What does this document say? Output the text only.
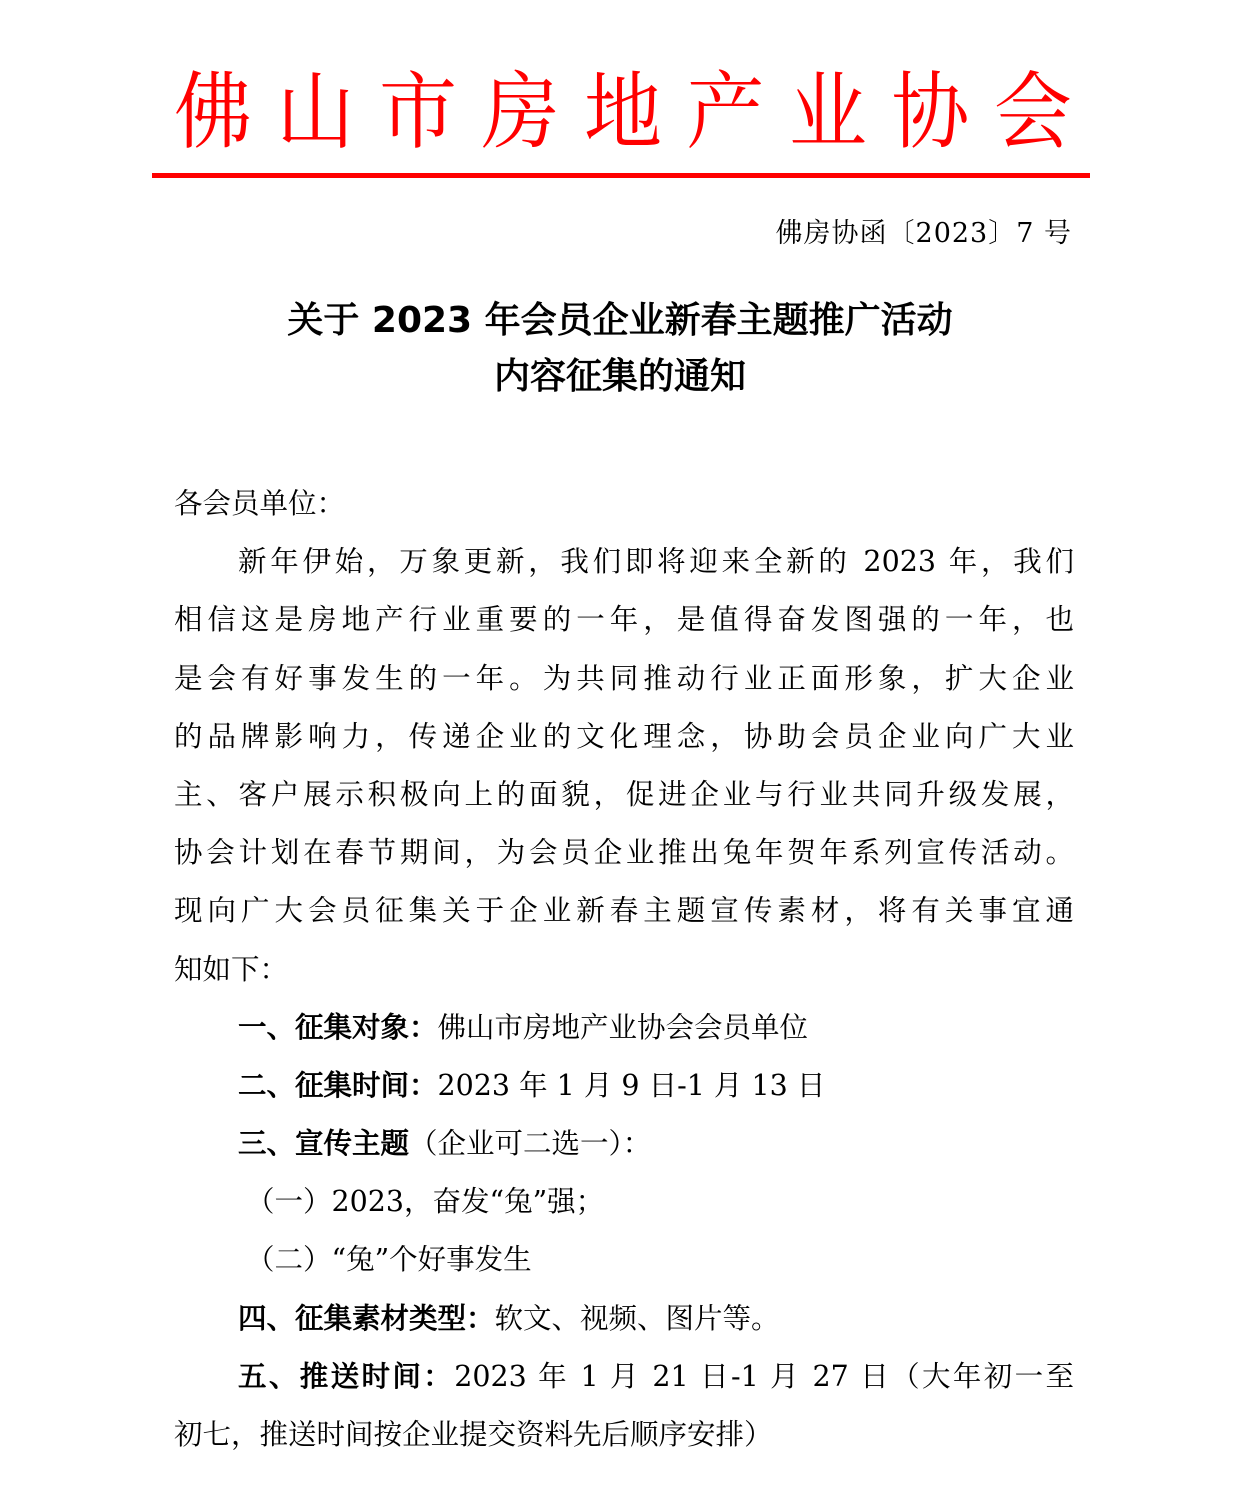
佛 山 市 房 地 产 业 协 会
佛房协函〔2023〕7 号
关于 2023 年会员企业新春主题推广活动
内容征集的通知
各会员单位：
新年伊始，万象更新，我们即将迎来全新的 2023 年，我们
相信这是房地产行业重要的一年，是值得奋发图强的一年，也
是会有好事发生的一年。为共同推动行业正面形象，扩大企业
的品牌影响力，传递企业的文化理念，协助会员企业向广大业
主、客户展示积极向上的面貌，促进企业与行业共同升级发展，
协会计划在春节期间，为会员企业推出兔年贺年系列宣传活动。
现向广大会员征集关于企业新春主题宣传素材，将有关事宜通
知如下：
一、征集对象：佛山市房地产业协会会员单位
二、征集时间：2023 年 1 月 9 日-1 月 13 日
三、宣传主题（企业可二选一）：
（一）2023，奋发“兔”强；
（二）“兔”个好事发生
四、征集素材类型：软文、视频、图片等。
五、推送时间：2023 年 1 月 21 日-1 月 27 日（大年初一至
初七，推送时间按企业提交资料先后顺序安排）
